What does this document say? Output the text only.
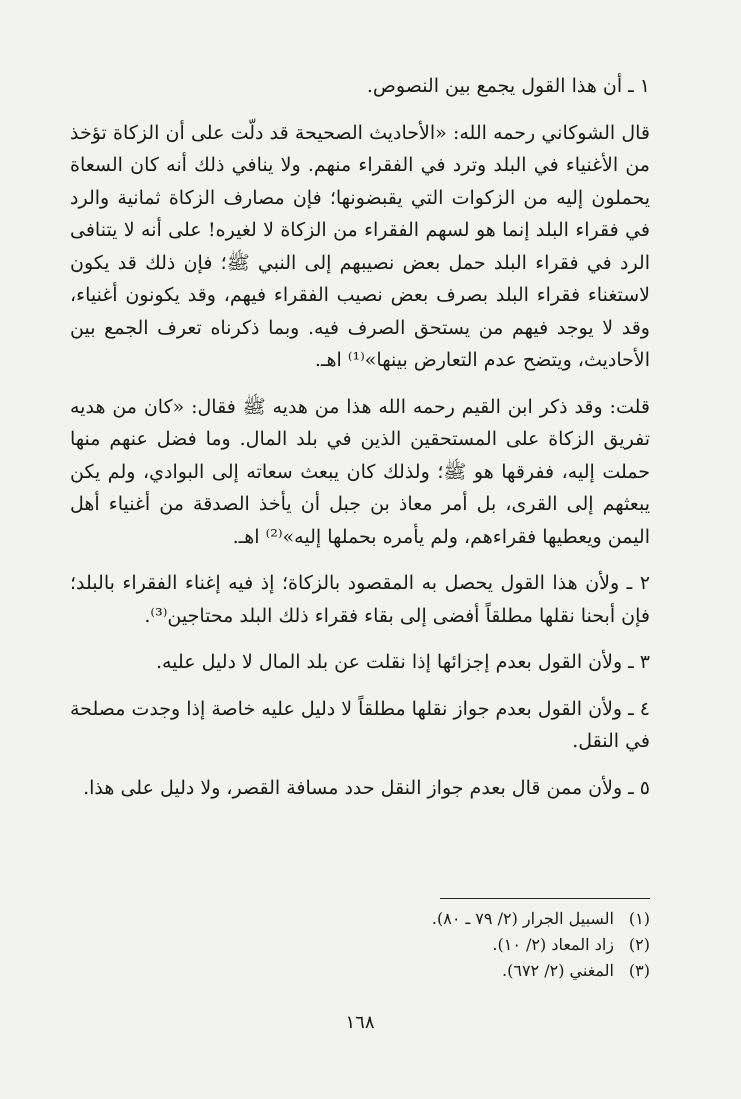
١ ـ أن هذا القول يجمع بين النصوص.

قال الشوكاني رحمه الله: «الأحاديث الصحيحة قد دلّت على أن الزكاة تؤخذ من الأغنياء في البلد وترد في الفقراء منهم. ولا ينافي ذلك أنه كان السعاة يحملون إليه من الزكوات التي يقبضونها؛ فإن مصارف الزكاة ثمانية والرد في فقراء البلد إنما هو لسهم الفقراء من الزكاة لا لغيره! على أنه لا يتنافى الرد في فقراء البلد حمل بعض نصيبهم إلى النبي ﷺ؛ فإن ذلك قد يكون لاستغناء فقراء البلد بصرف بعض نصيب الفقراء فيهم، وقد يكونون أغنياء، وقد لا يوجد فيهم من يستحق الصرف فيه. وبما ذكرناه تعرف الجمع بين الأحاديث، ويتضح عدم التعارض بينها»⁽¹⁾ اهـ.

قلت: وقد ذكر ابن القيم رحمه الله هذا من هديه ﷺ فقال: «كان من هديه تفريق الزكاة على المستحقين الذين في بلد المال. وما فضل عنهم منها حملت إليه، ففرقها هو ﷺ؛ ولذلك كان يبعث سعاته إلى البوادي، ولم يكن يبعثهم إلى القرى، بل أمر معاذ بن جبل أن يأخذ الصدقة من أغنياء أهل اليمن ويعطيها فقراءهم، ولم يأمره بحملها إليه»⁽²⁾ اهـ.

٢ ـ ولأن هذا القول يحصل به المقصود بالزكاة؛ إذ فيه إغناء الفقراء بالبلد؛ فإن أبحنا نقلها مطلقاً أفضى إلى بقاء فقراء ذلك البلد محتاجين⁽³⁾.

٣ ـ ولأن القول بعدم إجزائها إذا نقلت عن بلد المال لا دليل عليه.

٤ ـ ولأن القول بعدم جواز نقلها مطلقاً لا دليل عليه خاصة إذا وجدت مصلحة في النقل.

٥ ـ ولأن ممن قال بعدم جواز النقل حدد مسافة القصر، ولا دليل على هذا.

(١)
السبيل الجرار (٢/ ٧٩ ـ ٨٠).
(٢)
زاد المعاد (٢/ ١٠).
(٣)
المغني (٢/ ٦٧٢).
١٦٨
